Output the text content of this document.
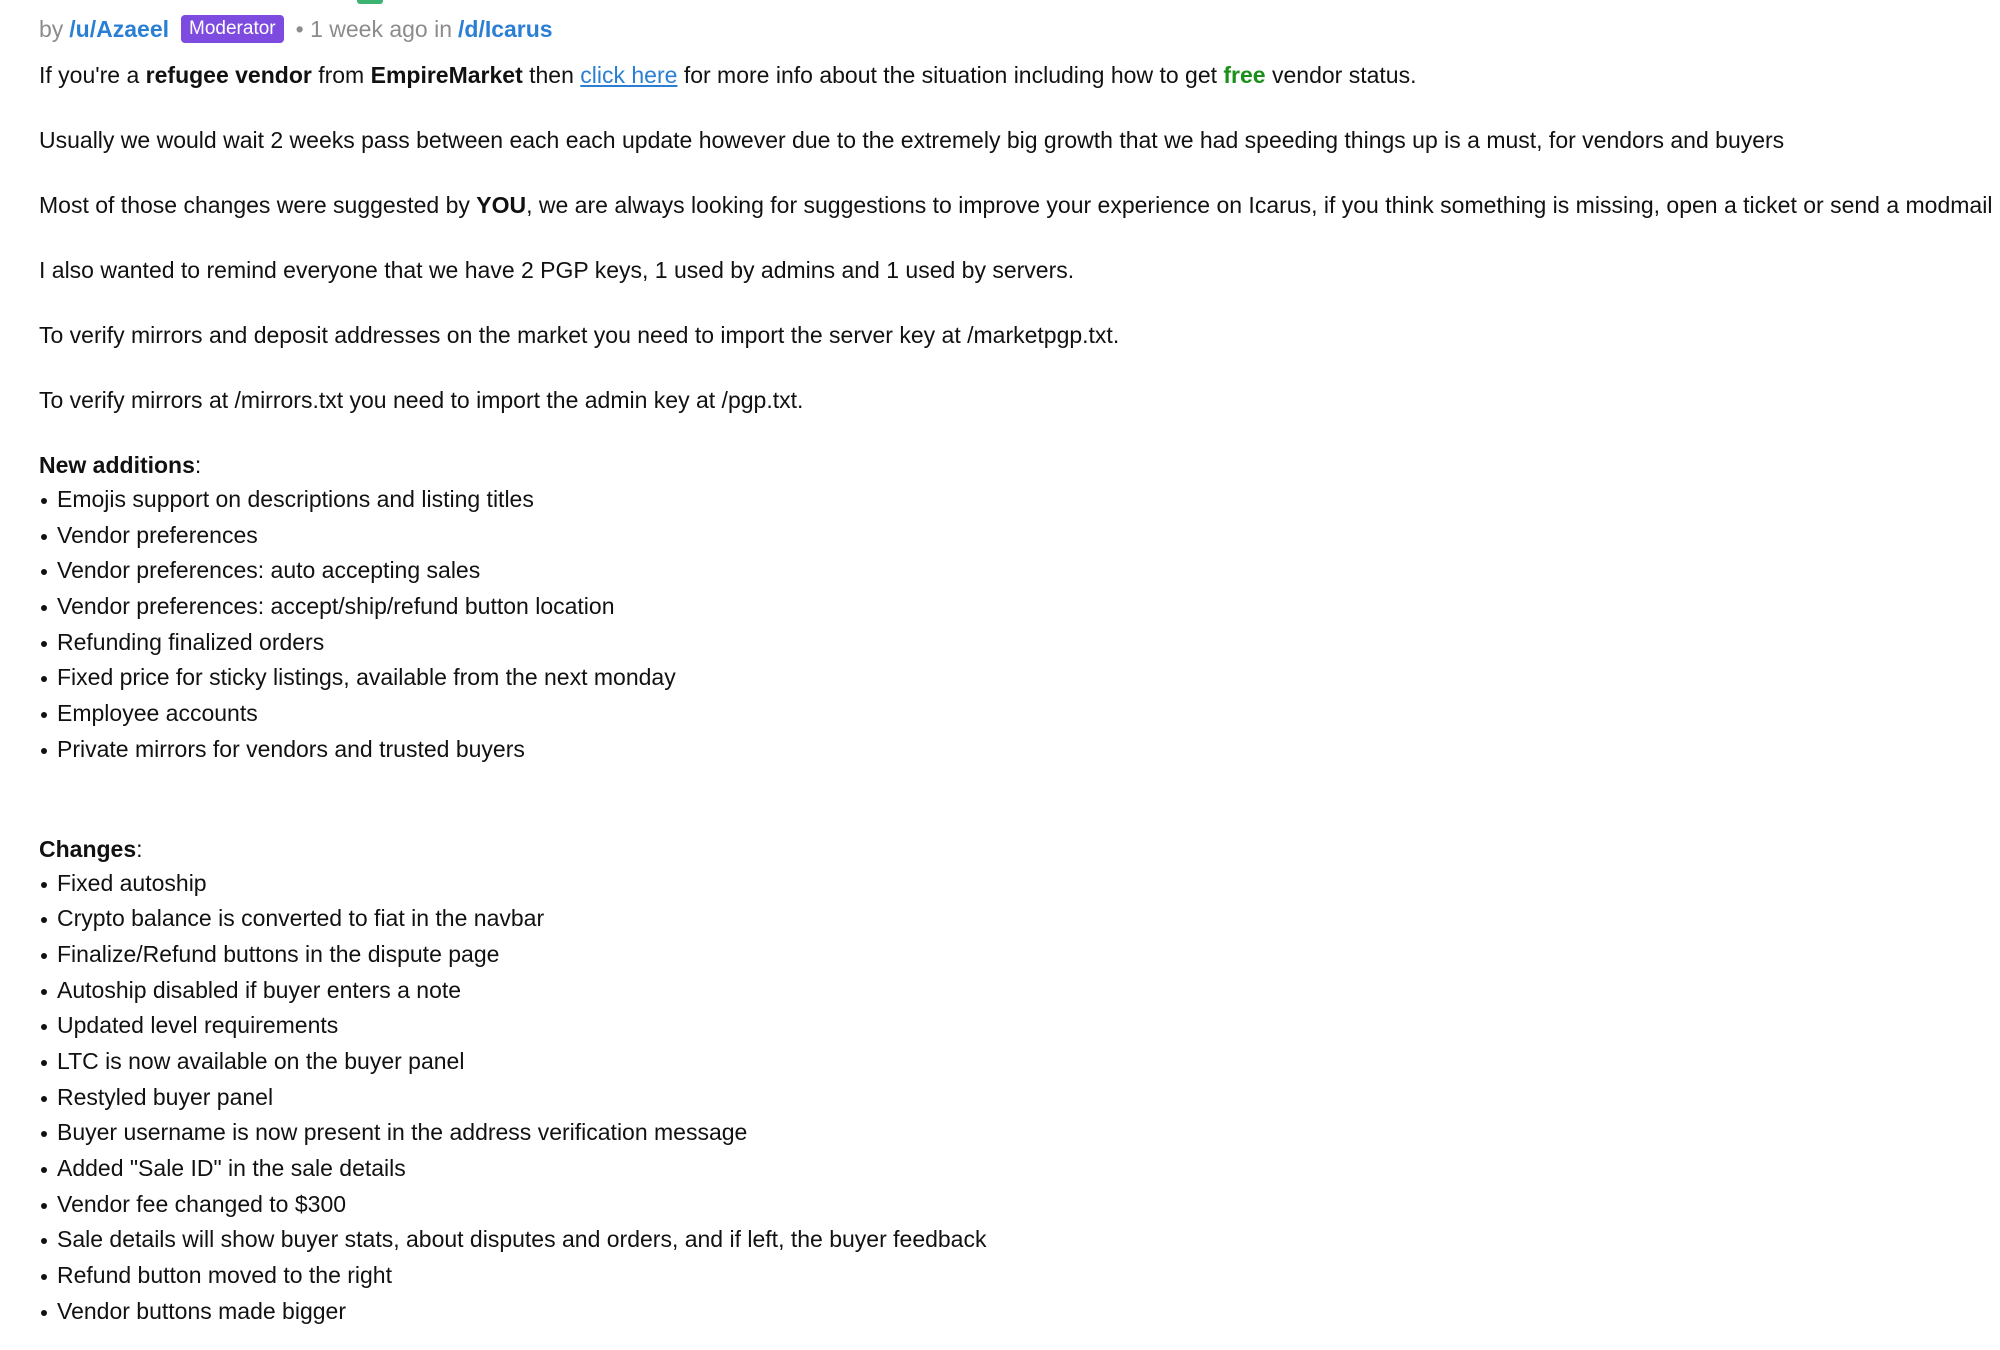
by /u/Azaeel	Moderator • 1 week ago in /d/Icarus

If you're a refugee vendor from EmpireMarket then click here for more info about the situation including how to get free vendor status.

Usually we would wait 2 weeks pass between each each update however due to the extremely big growth that we had speeding things up is a must, for vendors and buyers

Most of those changes were suggested by YOU, we are always looking for suggestions to improve your experience on Icarus, if you think something is missing, open a ticket or send a modmail

I also wanted to remind everyone that we have 2 PGP keys, 1 used by admins and 1 used by servers.

To verify mirrors and deposit addresses on the market you need to import the server key at /marketpgp.txt.

To verify mirrors at /mirrors.txt you need to import the admin key at /pgp.txt.

New additions:
Emojis support on descriptions and listing titles
Vendor preferences
Vendor preferences: auto accepting sales
Vendor preferences: accept/ship/refund button location
Refunding finalized orders
Fixed price for sticky listings, available from the next monday
Employee accounts
Private mirrors for vendors and trusted buyers
Changes:
Fixed autoship
Crypto balance is converted to fiat in the navbar
Finalize/Refund buttons in the dispute page
Autoship disabled if buyer enters a note
Updated level requirements
LTC is now available on the buyer panel
Restyled buyer panel
Buyer username is now present in the address verification message
Added "Sale ID" in the sale details
Vendor fee changed to $300
Sale details will show buyer stats, about disputes and orders, and if left, the buyer feedback
Refund button moved to the right
Vendor buttons made bigger
